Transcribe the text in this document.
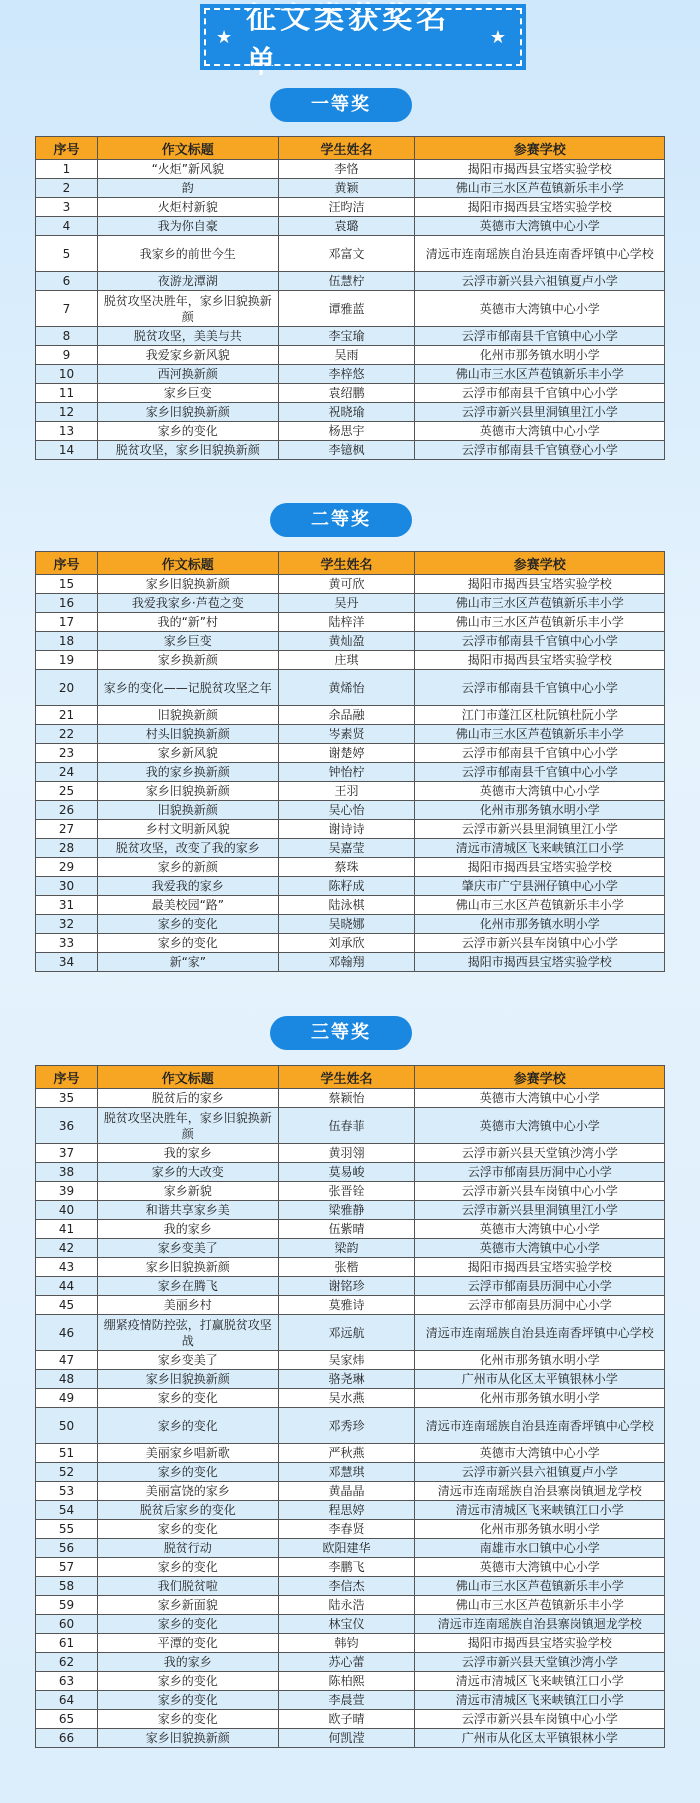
★
征文类获奖名单
★
一等奖
序号	作文标题	学生姓名	参赛学校
1	“火炬”新风貌	李恪	揭阳市揭西县宝塔实验学校
2	韵	黄颖	佛山市三水区芦苞镇新乐丰小学
3	火炬村新貌	汪昀洁	揭阳市揭西县宝塔实验学校
4	我为你自豪	袁璐	英德市大湾镇中心小学
5	我家乡的前世今生	邓富文	清远市连南瑶族自治县连南香坪镇中心学校
6	夜游龙潭湖	伍慧柠	云浮市新兴县六祖镇夏卢小学
7	脱贫攻坚决胜年，家乡旧貌换新颜	谭雅蓝	英德市大湾镇中心小学
8	脱贫攻坚，美美与共	李宝瑜	云浮市郁南县千官镇中心小学
9	我爱家乡新风貌	吴雨	化州市那务镇水明小学
10	西河换新颜	李梓悠	佛山市三水区芦苞镇新乐丰小学
11	家乡巨变	袁绍鹏	云浮市郁南县千官镇中心小学
12	家乡旧貌换新颜	祝晓瑜	云浮市新兴县里洞镇里江小学
13	家乡的变化	杨思宇	英德市大湾镇中心小学
14	脱贫攻坚，家乡旧貌换新颜	李镱枫	云浮市郁南县千官镇登心小学
二等奖
序号	作文标题	学生姓名	参赛学校
15	家乡旧貌换新颜	黄可欣	揭阳市揭西县宝塔实验学校
16	我爱我家乡·芦苞之变	吴丹	佛山市三水区芦苞镇新乐丰小学
17	我的“新”村	陆梓洋	佛山市三水区芦苞镇新乐丰小学
18	家乡巨变	黄灿盈	云浮市郁南县千官镇中心小学
19	家乡换新颜	庄琪	揭阳市揭西县宝塔实验学校
20	家乡的变化——记脱贫攻坚之年	黄烯怡	云浮市郁南县千官镇中心小学
21	旧貌换新颜	余品融	江门市蓬江区杜阮镇杜阮小学
22	村头旧貌换新颜	岑素贤	佛山市三水区芦苞镇新乐丰小学
23	家乡新风貌	谢楚婷	云浮市郁南县千官镇中心小学
24	我的家乡换新颜	钟怡柠	云浮市郁南县千官镇中心小学
25	家乡旧貌换新颜	王羽	英德市大湾镇中心小学
26	旧貌换新颜	吴心怡	化州市那务镇水明小学
27	乡村文明新风貌	谢诗诗	云浮市新兴县里洞镇里江小学
28	脱贫攻坚，改变了我的家乡	吴嘉莹	清远市清城区飞来峡镇江口小学
29	家乡的新颜	蔡珠	揭阳市揭西县宝塔实验学校
30	我爱我的家乡	陈籽成	肇庆市广宁县洲仔镇中心小学
31	最美校园“路”	陆泳棋	佛山市三水区芦苞镇新乐丰小学
32	家乡的变化	吴晓娜	化州市那务镇水明小学
33	家乡的变化	刘承欣	云浮市新兴县车岗镇中心小学
34	新“家”	邓翰翔	揭阳市揭西县宝塔实验学校
三等奖
序号	作文标题	学生姓名	参赛学校
35	脱贫后的家乡	蔡颖怡	英德市大湾镇中心小学
36	脱贫攻坚决胜年，家乡旧貌换新颜	伍春菲	英德市大湾镇中心小学
37	我的家乡	黄羽翎	云浮市新兴县天堂镇沙湾小学
38	家乡的大改变	莫易峻	云浮市郁南县历洞中心小学
39	家乡新貌	张晋铨	云浮市新兴县车岗镇中心小学
40	和谐共享家乡美	梁雅静	云浮市新兴县里洞镇里江小学
41	我的家乡	伍紫晴	英德市大湾镇中心小学
42	家乡变美了	梁韵	英德市大湾镇中心小学
43	家乡旧貌换新颜	张楷	揭阳市揭西县宝塔实验学校
44	家乡在腾飞	谢铭珍	云浮市郁南县历洞中心小学
45	美丽乡村	莫雅诗	云浮市郁南县历洞中心小学
46	绷紧疫情防控弦，打赢脱贫攻坚战	邓远航	清远市连南瑶族自治县连南香坪镇中心学校
47	家乡变美了	吴家炜	化州市那务镇水明小学
48	家乡旧貌换新颜	骆尧琳	广州市从化区太平镇银林小学
49	家乡的变化	吴水燕	化州市那务镇水明小学
50	家乡的变化	邓秀珍	清远市连南瑶族自治县连南香坪镇中心学校
51	美丽家乡唱新歌	严秋燕	英德市大湾镇中心小学
52	家乡的变化	邓慧琪	云浮市新兴县六祖镇夏卢小学
53	美丽富饶的家乡	黄晶晶	清远市连南瑶族自治县寨岗镇迴龙学校
54	脱贫后家乡的变化	程思婷	清远市清城区飞来峡镇江口小学
55	家乡的变化	李春贤	化州市那务镇水明小学
56	脱贫行动	欧阳建华	南雄市水口镇中心小学
57	家乡的变化	李鹏飞	英德市大湾镇中心小学
58	我们脱贫啦	李信杰	佛山市三水区芦苞镇新乐丰小学
59	家乡新面貌	陆永浩	佛山市三水区芦苞镇新乐丰小学
60	家乡的变化	林宝仪	清远市连南瑶族自治县寨岗镇迴龙学校
61	平潭的变化	韩钧	揭阳市揭西县宝塔实验学校
62	我的家乡	苏心蕾	云浮市新兴县天堂镇沙湾小学
63	家乡的变化	陈柏熙	清远市清城区飞来峡镇江口小学
64	家乡的变化	李晨萱	清远市清城区飞来峡镇江口小学
65	家乡的变化	欧子晴	云浮市新兴县车岗镇中心小学
66	家乡旧貌换新颜	何凯滢	广州市从化区太平镇银林小学
